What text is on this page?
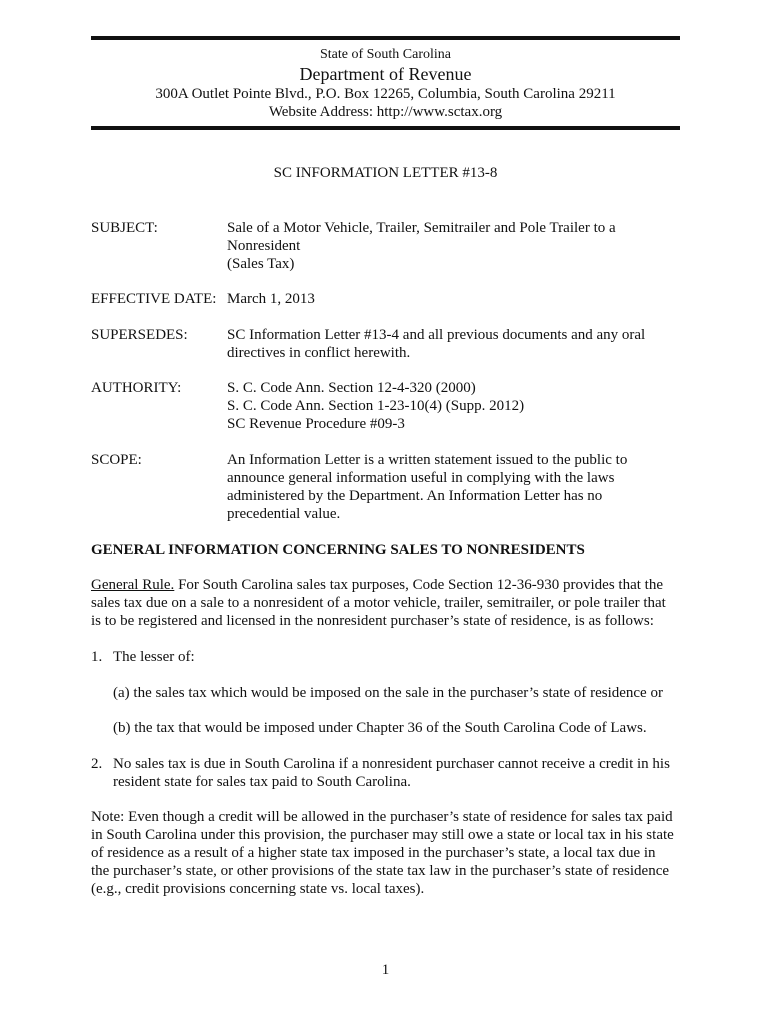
State of South Carolina
Department of Revenue
300A Outlet Pointe Blvd., P.O. Box 12265, Columbia, South Carolina 29211
Website Address: http://www.sctax.org
SC INFORMATION LETTER #13-8
SUBJECT:	Sale of a Motor Vehicle, Trailer, Semitrailer and Pole Trailer to a
Nonresident
(Sales Tax)
EFFECTIVE DATE: March 1, 2013
SUPERSEDES:	SC Information Letter #13-4 and all previous documents and any oral
directives in conflict herewith.
AUTHORITY:	S. C. Code Ann. Section 12-4-320 (2000)
S. C. Code Ann. Section 1-23-10(4) (Supp. 2012)
SC Revenue Procedure #09-3
SCOPE:	An Information Letter is a written statement issued to the public to
announce general information useful in complying with the laws
administered by the Department. An Information Letter has no
precedential value.
GENERAL INFORMATION CONCERNING SALES TO NONRESIDENTS
General Rule. For South Carolina sales tax purposes, Code Section 12-36-930 provides that the
sales tax due on a sale to a nonresident of a motor vehicle, trailer, semitrailer, or pole trailer that
is to be registered and licensed in the nonresident purchaser’s state of residence, is as follows:
1. The lesser of:
(a) the sales tax which would be imposed on the sale in the purchaser’s state of residence or
(b) the tax that would be imposed under Chapter 36 of the South Carolina Code of Laws.
2. No sales tax is due in South Carolina if a nonresident purchaser cannot receive a credit in his
resident state for sales tax paid to South Carolina.
Note: Even though a credit will be allowed in the purchaser’s state of residence for sales tax paid
in South Carolina under this provision, the purchaser may still owe a state or local tax in his state
of residence as a result of a higher state tax imposed in the purchaser’s state, a local tax due in
the purchaser’s state, or other provisions of the state tax law in the purchaser’s state of residence
(e.g., credit provisions concerning state vs. local taxes).
1
